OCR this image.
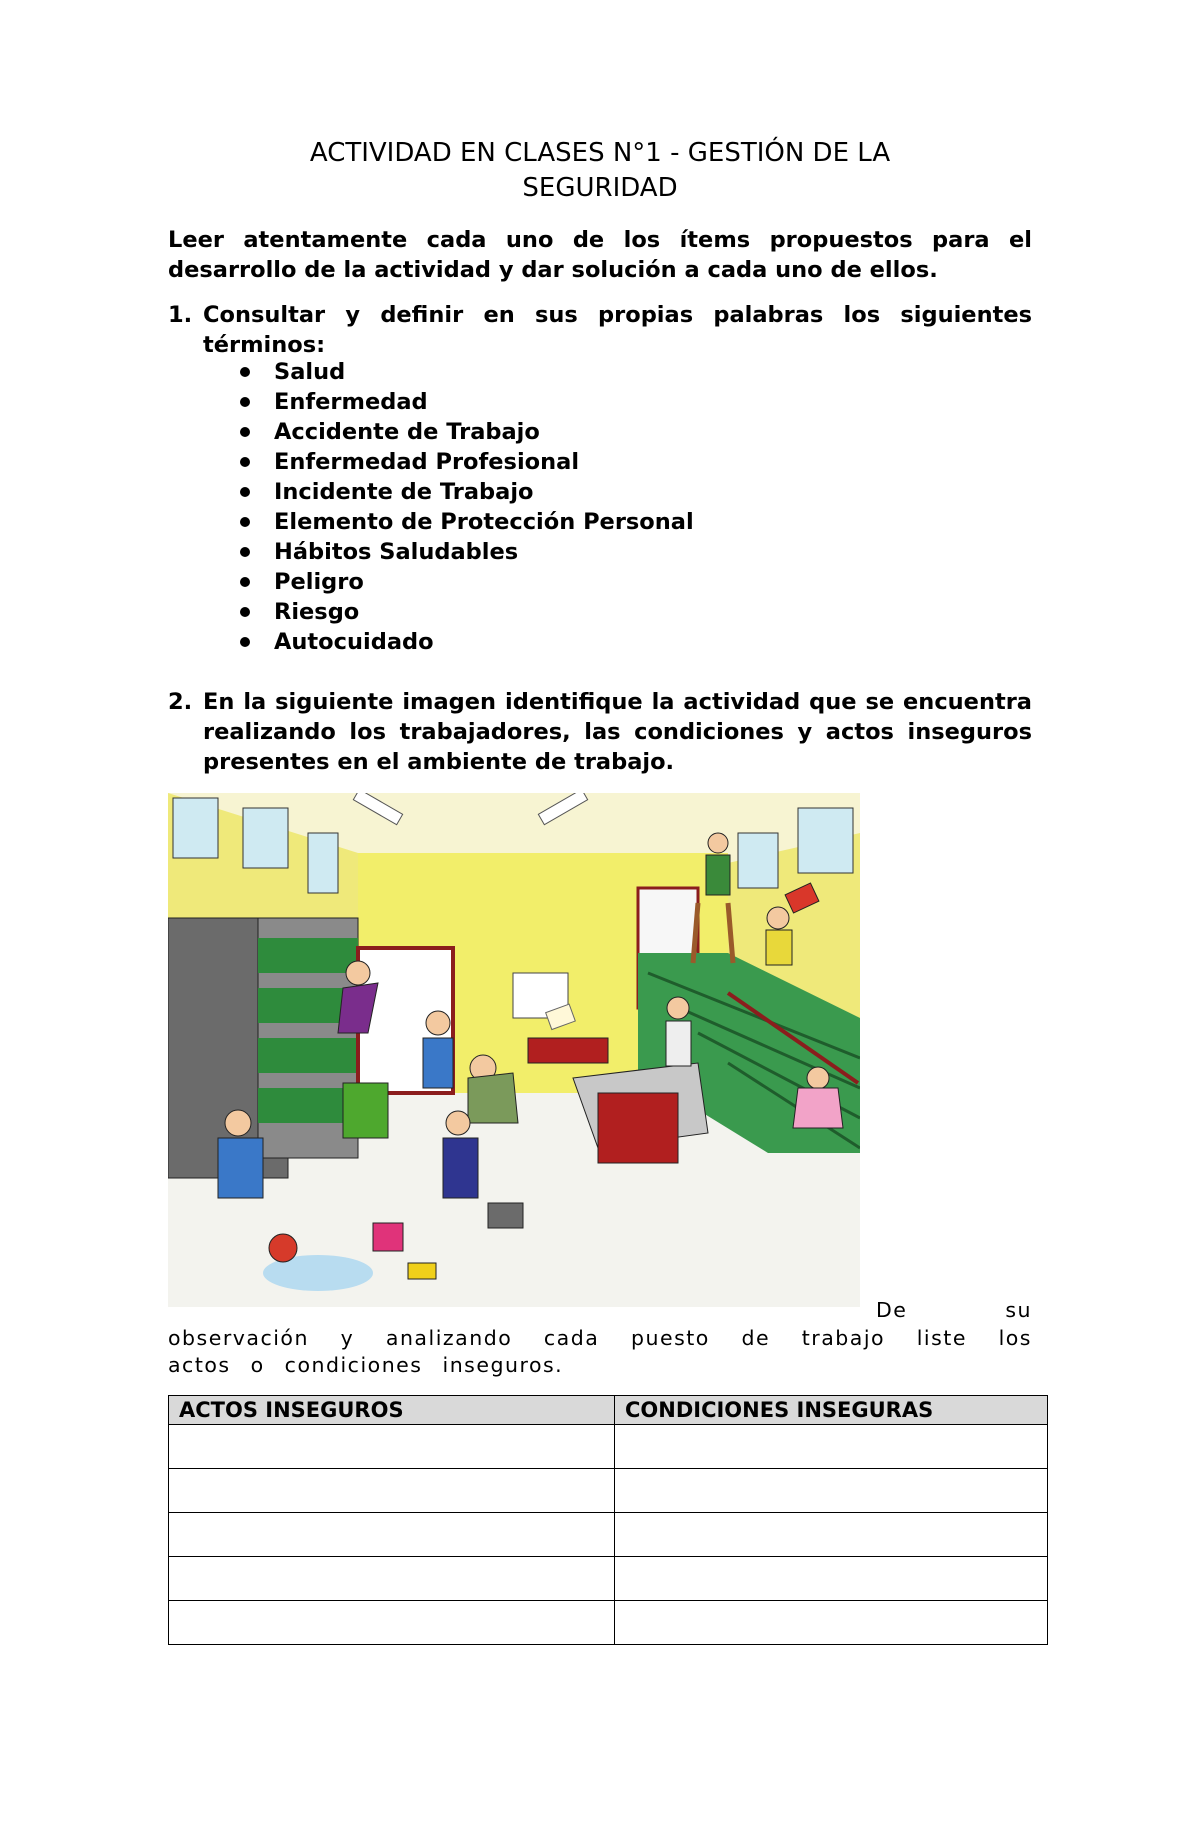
ACTIVIDAD EN CLASES N°1 - GESTIÓN DE LA
SEGURIDAD

Leer atentamente cada uno de los ítems propuestos para el desarrollo de la actividad y dar solución a cada uno de ellos.

1. Consultar y definir en sus propias palabras los siguientes términos:
Salud
Enfermedad
Accidente de Trabajo
Enfermedad Profesional
Incidente de Trabajo
Elemento de Protección Personal
Hábitos Saludables
Peligro
Riesgo
Autocuidado
2. En la siguiente imagen identifique la actividad que se encuentra realizando los trabajadores, las condiciones y actos inseguros presentes en el ambiente de trabajo.
De su
observación y analizando cada puesto de trabajo liste los
actos o condiciones inseguros.
ACTOS INSEGUROS	CONDICIONES INSEGURAS
